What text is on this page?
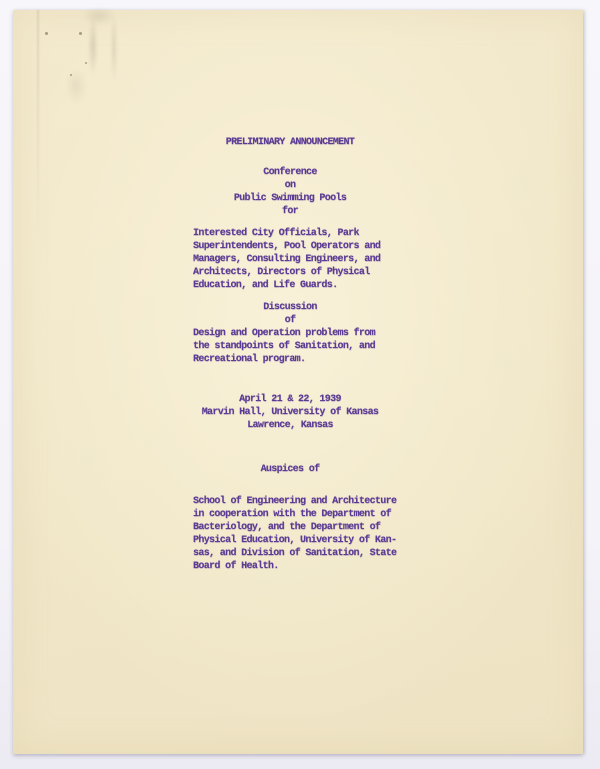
PRELIMINARY ANNOUNCEMENT
Conference
on
Public Swimming Pools
for
Interested City Officials, Park
Superintendents, Pool Operators and
Managers, Consulting Engineers, and
Architects, Directors of Physical
Education, and Life Guards.
Discussion
of
Design and Operation problems from
the standpoints of Sanitation, and
Recreational program.
April 21 & 22, 1939
Marvin Hall, University of Kansas
Lawrence, Kansas
Auspices of
School of Engineering and Architecture
in cooperation with the Department of
Bacteriology, and the Department of
Physical Education, University of Kan-
sas, and Division of Sanitation, State
Board of Health.
